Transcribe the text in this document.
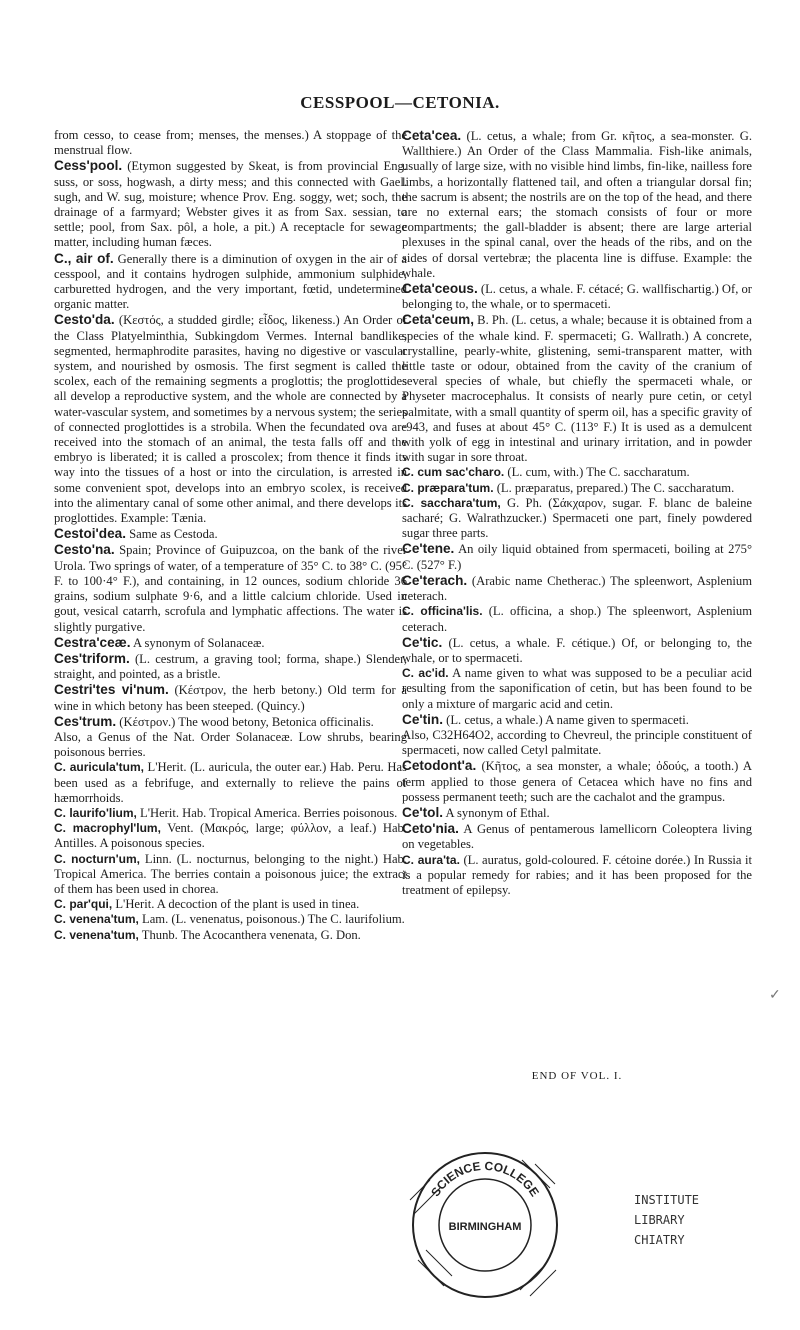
CESSPOOL—CETONIA.

from cesso, to cease from; menses, the menses.) A stoppage of the menstrual flow.

Cess'pool. (Etymon suggested by Skeat, is from provincial Eng. suss, or soss, hogwash, a dirty mess; and this connected with Gael. sugh, and W. sug, moisture; whence Prov. Eng. soggy, wet; soch, the drainage of a farmyard; Webster gives it as from Sax. sessian, to settle; pool, from Sax. pôl, a hole, a pit.) A receptacle for sewage matter, including human fæces.

C., air of. Generally there is a diminution of oxygen in the air of a cesspool, and it contains hydrogen sulphide, ammonium sulphide, carburetted hydrogen, and the very important, fœtid, undetermined organic matter.

Cesto'da. (Κεστός, a studded girdle; εἶδος, likeness.) An Order of the Class Platyelminthia, Subkingdom Vermes. Internal bandlike, segmented, hermaphrodite parasites, having no digestive or vascular system, and nourished by osmosis. The first segment is called the scolex, each of the remaining segments a proglottis; the proglottides all develop a reproductive system, and the whole are connected by a water-vascular system, and sometimes by a nervous system; the series of connected proglottides is a strobila. When the fecundated ova are received into the stomach of an animal, the testa falls off and the embryo is liberated; it is called a proscolex; from thence it finds its way into the tissues of a host or into the circulation, is arrested in some convenient spot, develops into an embryo scolex, is received into the alimentary canal of some other animal, and there develops its proglottides. Example: Tænia.

Cestoi'dea. Same as Cestoda.

Cesto'na. Spain; Province of Guipuzcoa, on the bank of the river Urola. Two springs of water, of a temperature of 35° C. to 38° C. (95° F. to 100·4° F.), and containing, in 12 ounces, sodium chloride 36 grains, sodium sulphate 9·6, and a little calcium chloride. Used in gout, vesical catarrh, scrofula and lymphatic affections. The water is slightly purgative.

Cestra'ceæ. A synonym of Solanaceæ.

Ces'triform. (L. cestrum, a graving tool; forma, shape.) Slender, straight, and pointed, as a bristle.

Cestri'tes vi'num. (Κέστρον, the herb betony.) Old term for a wine in which betony has been steeped. (Quincy.)

Ces'trum. (Κέστρον.) The wood betony, Betonica officinalis.

Also, a Genus of the Nat. Order Solanaceæ. Low shrubs, bearing poisonous berries.

C. auricula'tum, L'Herit. (L. auricula, the outer ear.) Hab. Peru. Has been used as a febrifuge, and externally to relieve the pains of hæmorrhoids.

C. laurifo'lium, L'Herit. Hab. Tropical America. Berries poisonous.

C. macrophyl'lum, Vent. (Μακρός, large; φύλλον, a leaf.) Hab. Antilles. A poisonous species.

C. nocturn'um, Linn. (L. nocturnus, belonging to the night.) Hab. Tropical America. The berries contain a poisonous juice; the extract of them has been used in chorea.

C. par'qui, L'Herit. A decoction of the plant is used in tinea.

C. venena'tum, Lam. (L. venenatus, poisonous.) The C. laurifolium.

C. venena'tum, Thunb. The Acocanthera venenata, G. Don.

Ceta'cea. (L. cetus, a whale; from Gr. κῆτος, a sea-monster. G. Wallthiere.) An Order of the Class Mammalia. Fish-like animals, usually of large size, with no visible hind limbs, fin-like, nailless fore limbs, a horizontally flattened tail, and often a triangular dorsal fin; the sacrum is absent; the nostrils are on the top of the head, and there are no external ears; the stomach consists of four or more compartments; the gall-bladder is absent; there are large arterial plexuses in the spinal canal, over the heads of the ribs, and on the sides of dorsal vertebræ; the placenta line is diffuse. Example: the whale.

Ceta'ceous. (L. cetus, a whale. F. cétacé; G. wallfischartig.) Of, or belonging to, the whale, or to spermaceti.

Ceta'ceum, B. Ph. (L. cetus, a whale; because it is obtained from a species of the whale kind. F. spermaceti; G. Wallrath.) A concrete, crystalline, pearly-white, glistening, semi-transparent matter, with little taste or odour, obtained from the cavity of the cranium of several species of whale, but chiefly the spermaceti whale, or Physeter macrocephalus. It consists of nearly pure cetin, or cetyl palmitate, with a small quantity of sperm oil, has a specific gravity of ·943, and fuses at about 45° C. (113° F.) It is used as a demulcent with yolk of egg in intestinal and urinary irritation, and in powder with sugar in sore throat.

C. cum sac'charo. (L. cum, with.) The C. saccharatum.

C. præpara'tum. (L. præparatus, prepared.) The C. saccharatum.

C. sacchara'tum, G. Ph. (Σάκχαρον, sugar. F. blanc de baleine sacharé; G. Walrathzucker.) Spermaceti one part, finely powdered sugar three parts.

Ce'tene. An oily liquid obtained from spermaceti, boiling at 275° C. (527° F.)

Ce'terach. (Arabic name Chetherac.) The spleenwort, Asplenium ceterach.

C. officina'lis. (L. officina, a shop.) The spleenwort, Asplenium ceterach.

Ce'tic. (L. cetus, a whale. F. cétique.) Of, or belonging to, the whale, or to spermaceti.

C. ac'id. A name given to what was supposed to be a peculiar acid resulting from the saponification of cetin, but has been found to be only a mixture of margaric acid and cetin.

Ce'tin. (L. cetus, a whale.) A name given to spermaceti.

Also, C32H64O2, according to Chevreul, the principle constituent of spermaceti, now called Cetyl palmitate.

Cetodont'a. (Κῆτος, a sea monster, a whale; ὀδούς, a tooth.) A term applied to those genera of Cetacea which have no fins and possess permanent teeth; such are the cachalot and the grampus.

Ce'tol. A synonym of Ethal.

Ceto'nia. A Genus of pentamerous lamellicorn Coleoptera living on vegetables.

C. aura'ta. (L. auratus, gold-coloured. F. cétoine dorée.) In Russia it is a popular remedy for rabies; and it has been proposed for the treatment of epilepsy.

END OF VOL. I.
SCIENCE COLLEGE
BIRMINGHAM
INSTITUTE
LIBRARY
CHIATRY
✓
